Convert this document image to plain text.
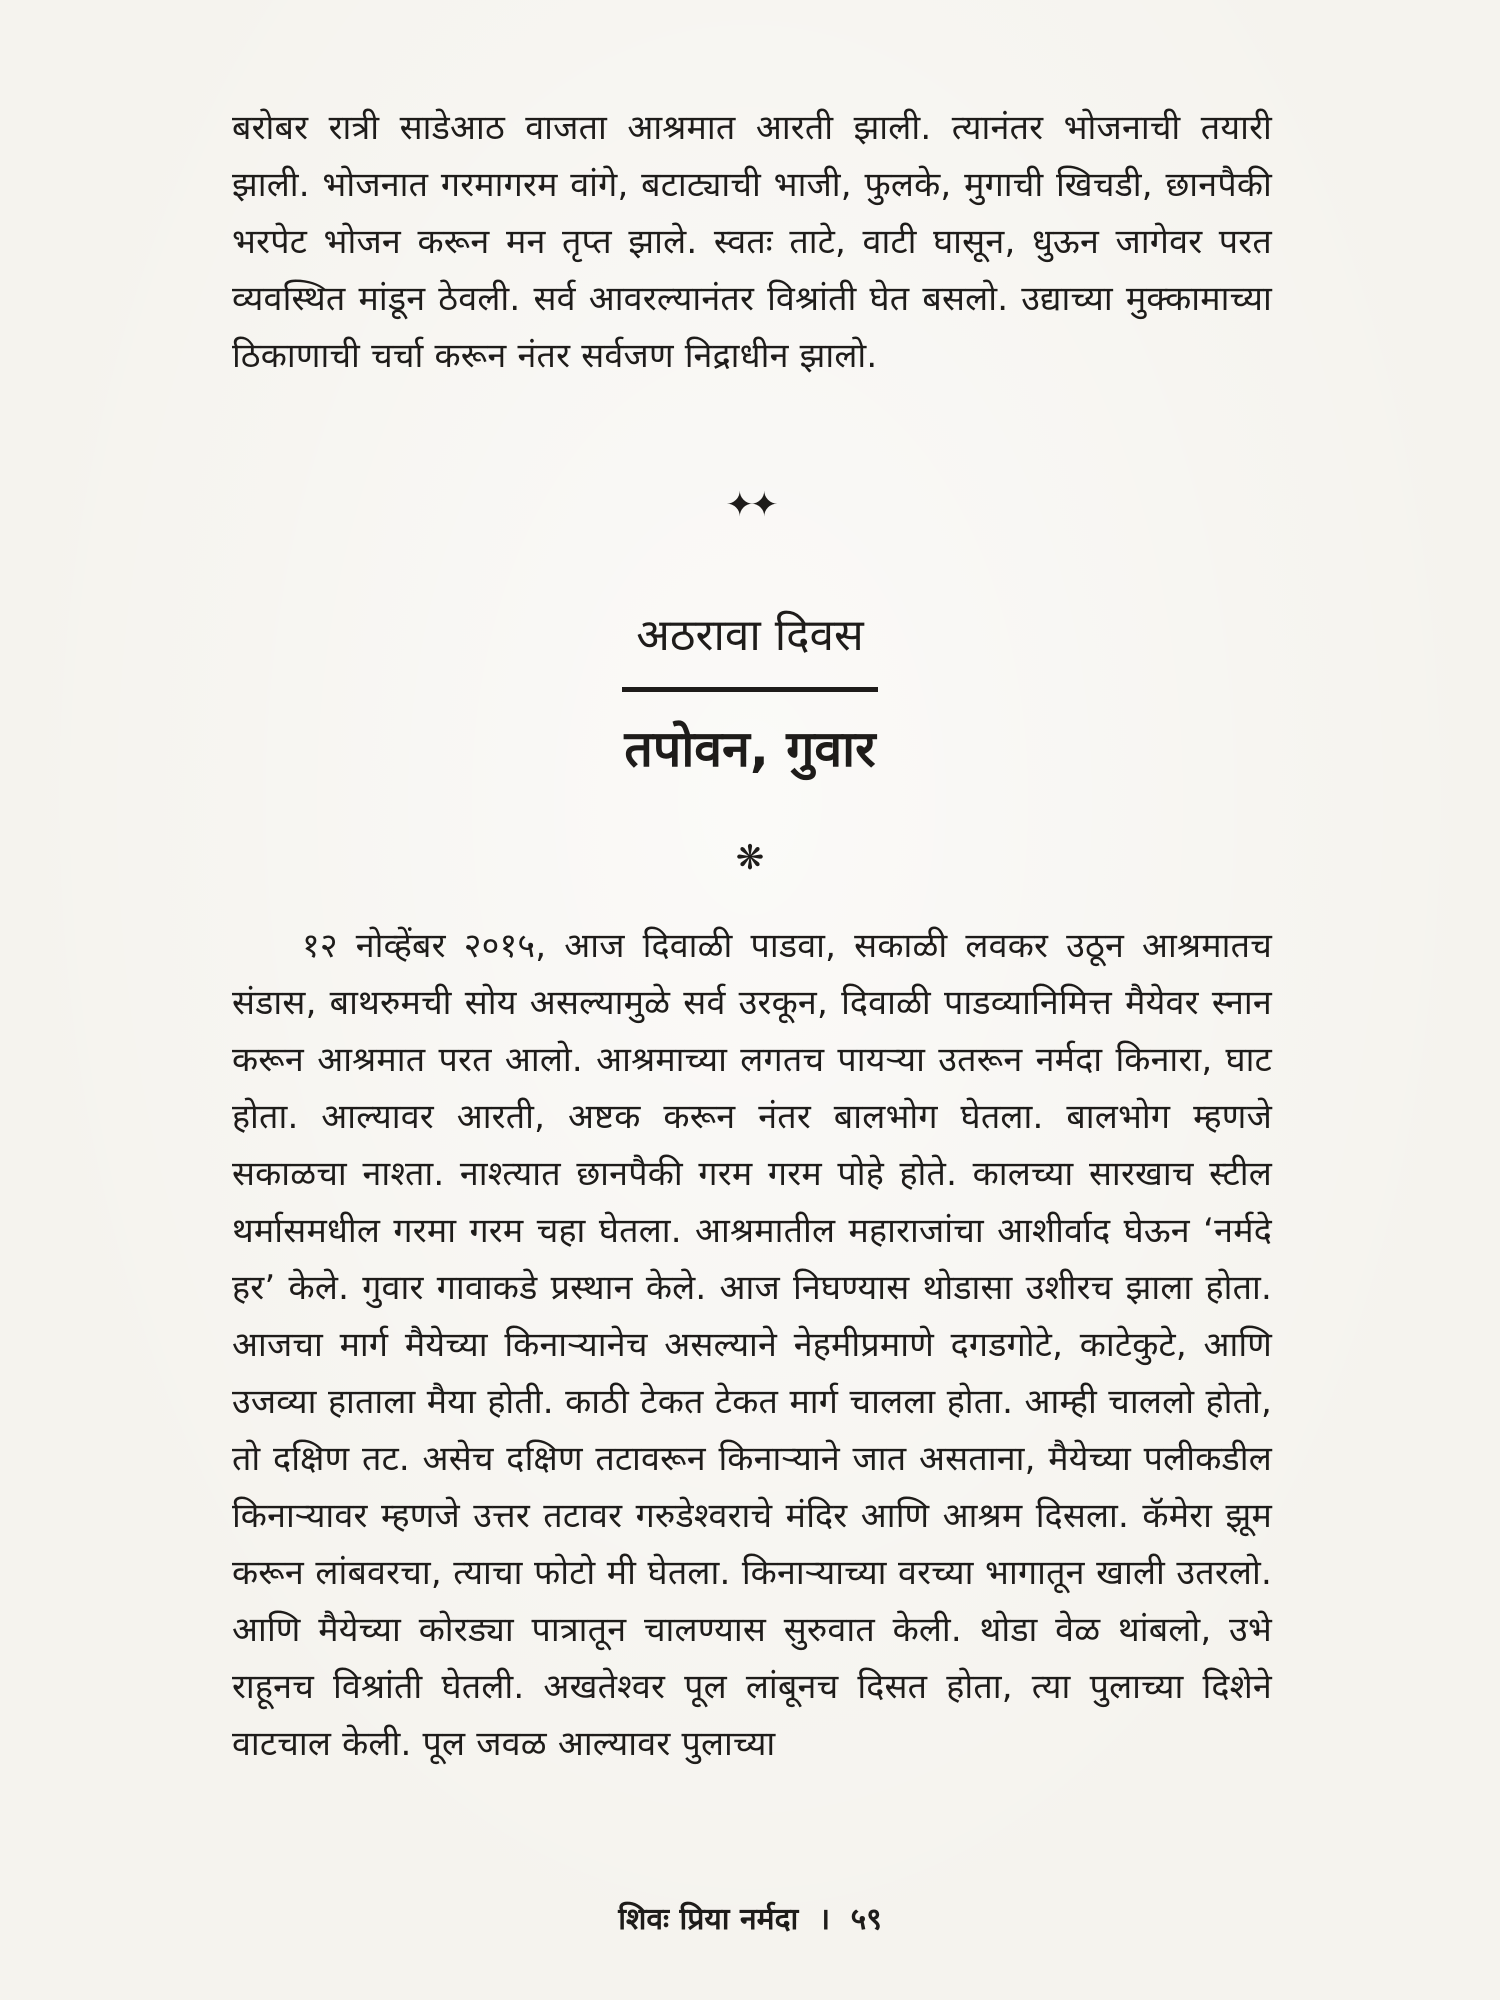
बरोबर रात्री साडेआठ वाजता आश्रमात आरती झाली. त्यानंतर भोजनाची तयारी झाली. भोजनात गरमागरम वांगे, बटाट्याची भाजी, फुलके, मुगाची खिचडी, छानपैकी भरपेट भोजन करून मन तृप्त झाले. स्वतः ताटे, वाटी घासून, धुऊन जागेवर परत व्यवस्थित मांडून ठेवली. सर्व आवरल्यानंतर विश्रांती घेत बसलो. उद्याच्या मुक्कामाच्या ठिकाणाची चर्चा करून नंतर सर्वजण निद्राधीन झालो.

✦✦
अठरावा दिवस
तपोवन, गुवार
❋

१२ नोव्हेंबर २०१५, आज दिवाळी पाडवा, सकाळी लवकर उठून आश्रमातच संडास, बाथरुमची सोय असल्यामुळे सर्व उरकून, दिवाळी पाडव्यानिमित्त मैयेवर स्नान करून आश्रमात परत आलो. आश्रमाच्या लगतच पायऱ्या उतरून नर्मदा किनारा, घाट होता. आल्यावर आरती, अष्टक करून नंतर बालभोग घेतला. बालभोग म्हणजे सकाळचा नाश्ता. नाश्त्यात छानपैकी गरम गरम पोहे होते. कालच्या सारखाच स्टील थर्मासमधील गरमा गरम चहा घेतला. आश्रमातील महाराजांचा आशीर्वाद घेऊन ‘नर्मदे हर’ केले. गुवार गावाकडे प्रस्थान केले. आज निघण्यास थोडासा उशीरच झाला होता. आजचा मार्ग मैयेच्या किनाऱ्यानेच असल्याने नेहमीप्रमाणे दगडगोटे, काटेकुटे, आणि उजव्या हाताला मैया होती. काठी टेकत टेकत मार्ग चालला होता. आम्ही चाललो होतो, तो दक्षिण तट. असेच दक्षिण तटावरून किनाऱ्याने जात असताना, मैयेच्या पलीकडील किनाऱ्यावर म्हणजे उत्तर तटावर गरुडेश्वराचे मंदिर आणि आश्रम दिसला. कॅमेरा झूम करून लांबवरचा, त्याचा फोटो मी घेतला. किनाऱ्याच्या वरच्या भागातून खाली उतरलो. आणि मैयेच्या कोरड्या पात्रातून चालण्यास सुरुवात केली. थोडा वेळ थांबलो, उभे राहूनच विश्रांती घेतली. अखतेश्वर पूल लांबूनच दिसत होता, त्या पुलाच्या दिशेने वाटचाल केली. पूल जवळ आल्यावर पुलाच्या

शिवः प्रिया नर्मदा । ५९
